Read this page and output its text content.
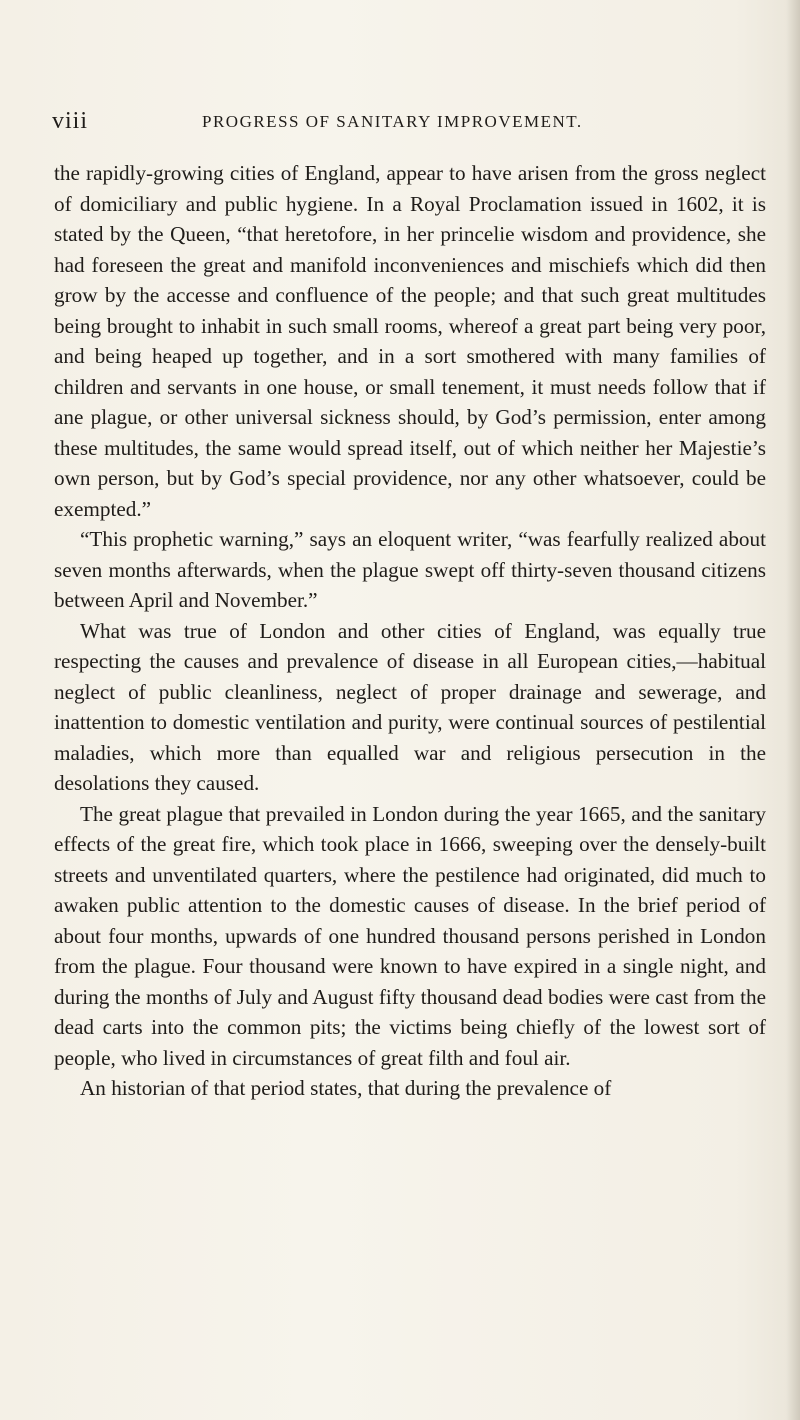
viii	PROGRESS OF SANITARY IMPROVEMENT.

the rapidly-growing cities of England, appear to have arisen from the gross neglect of domiciliary and public hygiene. In a Royal Proclamation issued in 1602, it is stated by the Queen, “that heretofore, in her princelie wisdom and providence, she had foreseen the great and manifold inconveniences and mischiefs which did then grow by the accesse and confluence of the people; and that such great multitudes being brought to inhabit in such small rooms, whereof a great part being very poor, and being heaped up together, and in a sort smothered with many families of children and servants in one house, or small tenement, it must needs follow that if ane plague, or other universal sickness should, by God’s permission, enter among these multitudes, the same would spread itself, out of which neither her Majestie’s own person, but by God’s special providence, nor any other whatsoever, could be exempted.”

“This prophetic warning,” says an eloquent writer, “was fearfully realized about seven months afterwards, when the plague swept off thirty-seven thousand citizens between April and November.”

What was true of London and other cities of England, was equally true respecting the causes and prevalence of disease in all European cities,—habitual neglect of public cleanliness, neglect of proper drainage and sewerage, and inattention to domestic ventilation and purity, were continual sources of pestilential maladies, which more than equalled war and religious persecution in the desolations they caused.

The great plague that prevailed in London during the year 1665, and the sanitary effects of the great fire, which took place in 1666, sweeping over the densely-built streets and unventilated quarters, where the pestilence had originated, did much to awaken public attention to the domestic causes of disease. In the brief period of about four months, upwards of one hundred thousand persons perished in London from the plague. Four thousand were known to have expired in a single night, and during the months of July and August fifty thousand dead bodies were cast from the dead carts into the common pits; the victims being chiefly of the lowest sort of people, who lived in circumstances of great filth and foul air.

An historian of that period states, that during the prevalence of
